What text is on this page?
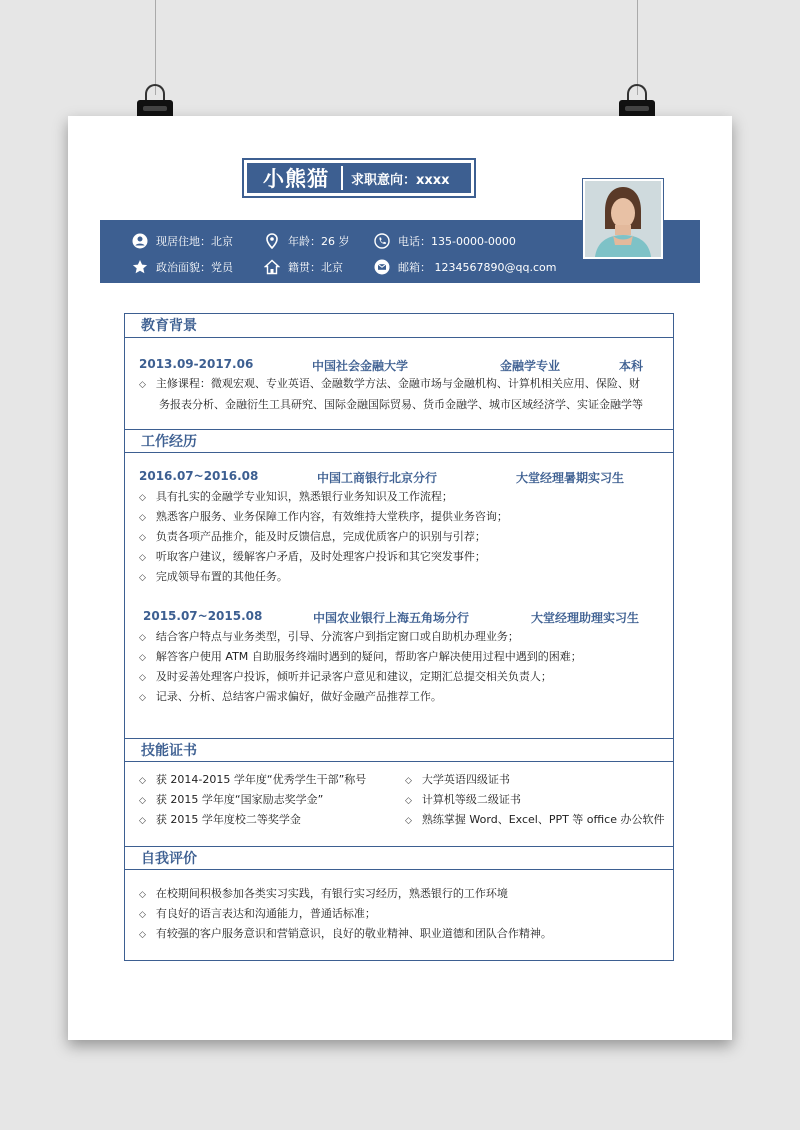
小熊猫	求职意向：xxxx
现居住地：北京	年龄：26 岁	电话：135-0000-0000
政治面貌：党员	籍贯：北京	邮箱： 1234567890@qq.com
教育背景
2013.09-2017.06	中国社会金融大学	金融学专业	本科
◇ 主修课程：微观宏观、专业英语、金融数学方法、金融市场与金融机构、计算机相关应用、保险、财
务报表分析、金融衍生工具研究、国际金融国际贸易、货币金融学、城市区域经济学、实证金融学等
工作经历
2016.07~2016.08	中国工商银行北京分行	大堂经理暑期实习生
◇ 具有扎实的金融学专业知识，熟悉银行业务知识及工作流程；
◇ 熟悉客户服务、业务保障工作内容，有效维持大堂秩序，提供业务咨询；
◇ 负责各项产品推介，能及时反馈信息，完成优质客户的识别与引荐；
◇ 听取客户建议，缓解客户矛盾，及时处理客户投诉和其它突发事件；
◇ 完成领导布置的其他任务。
2015.07~2015.08	中国农业银行上海五角场分行	大堂经理助理实习生
◇ 结合客户特点与业务类型，引导、分流客户到指定窗口或自助机办理业务；
◇ 解答客户使用 ATM 自助服务终端时遇到的疑问，帮助客户解决使用过程中遇到的困难；
◇ 及时妥善处理客户投诉，倾听并记录客户意见和建议，定期汇总提交相关负责人；
◇ 记录、分析、总结客户需求偏好，做好金融产品推荐工作。
技能证书
◇ 获 2014-2015 学年度“优秀学生干部”称号
◇ 获 2015 学年度“国家励志奖学金”
◇ 获 2015 学年度校二等奖学金
◇ 大学英语四级证书
◇ 计算机等级二级证书
◇ 熟练掌握 Word、Excel、PPT 等 office 办公软件
自我评价
◇ 在校期间积极参加各类实习实践，有银行实习经历，熟悉银行的工作环境
◇ 有良好的语言表达和沟通能力，普通话标准；
◇ 有较强的客户服务意识和营销意识，良好的敬业精神、职业道德和团队合作精神。
